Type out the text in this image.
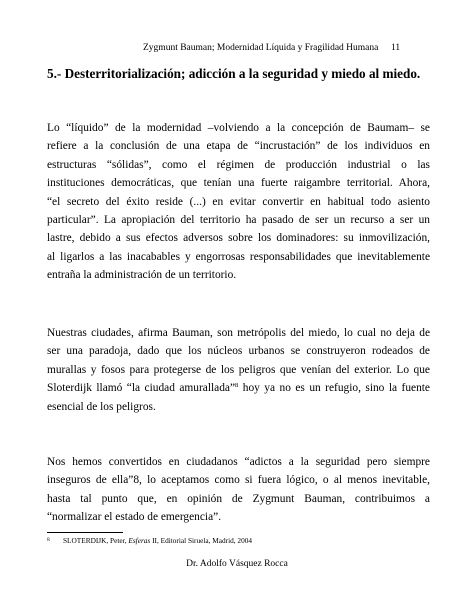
Zygmunt Bauman; Modernidad Líquida y Fragilidad Humana	11
5.- Desterritorialización; adicción a la seguridad y miedo al miedo.
Lo “líquido” de la modernidad –volviendo a la concepción de Baumam– se
refiere a la conclusión de una etapa de “incrustación” de los individuos en
estructuras “sólidas”, como el régimen de producción industrial o las
instituciones democráticas, que tenían una fuerte raigambre territorial. Ahora,
“el secreto del éxito reside (...) en evitar convertir en habitual todo asiento
particular”. La apropiación del territorio ha pasado de ser un recurso a ser un
lastre, debido a sus efectos adversos sobre los dominadores: su inmovilización,
al ligarlos a las inacabables y engorrosas responsabilidades que inevitablemente
entraña la administración de un territorio.
Nuestras ciudades, afirma Bauman, son metrópolis del miedo, lo cual no deja de
ser una paradoja, dado que los núcleos urbanos se construyeron rodeados de
murallas y fosos para protegerse de los peligros que venían del exterior. Lo que
Sloterdijk llamó “la ciudad amurallada”$^8$ hoy ya no es un refugio, sino la fuente
esencial de los peligros.
Nos hemos convertidos en ciudadanos “adictos a la seguridad pero siempre
inseguros de ella”8, lo aceptamos como si fuera lógico, o al menos inevitable,
hasta tal punto que, en opinión de Zygmunt Bauman, contribuimos a
“normalizar el estado de emergencia”.
8 SLOTERDIJK, Peter, Esferas II, Editorial Siruela, Madrid, 2004
Dr. Adolfo Vásquez Rocca
